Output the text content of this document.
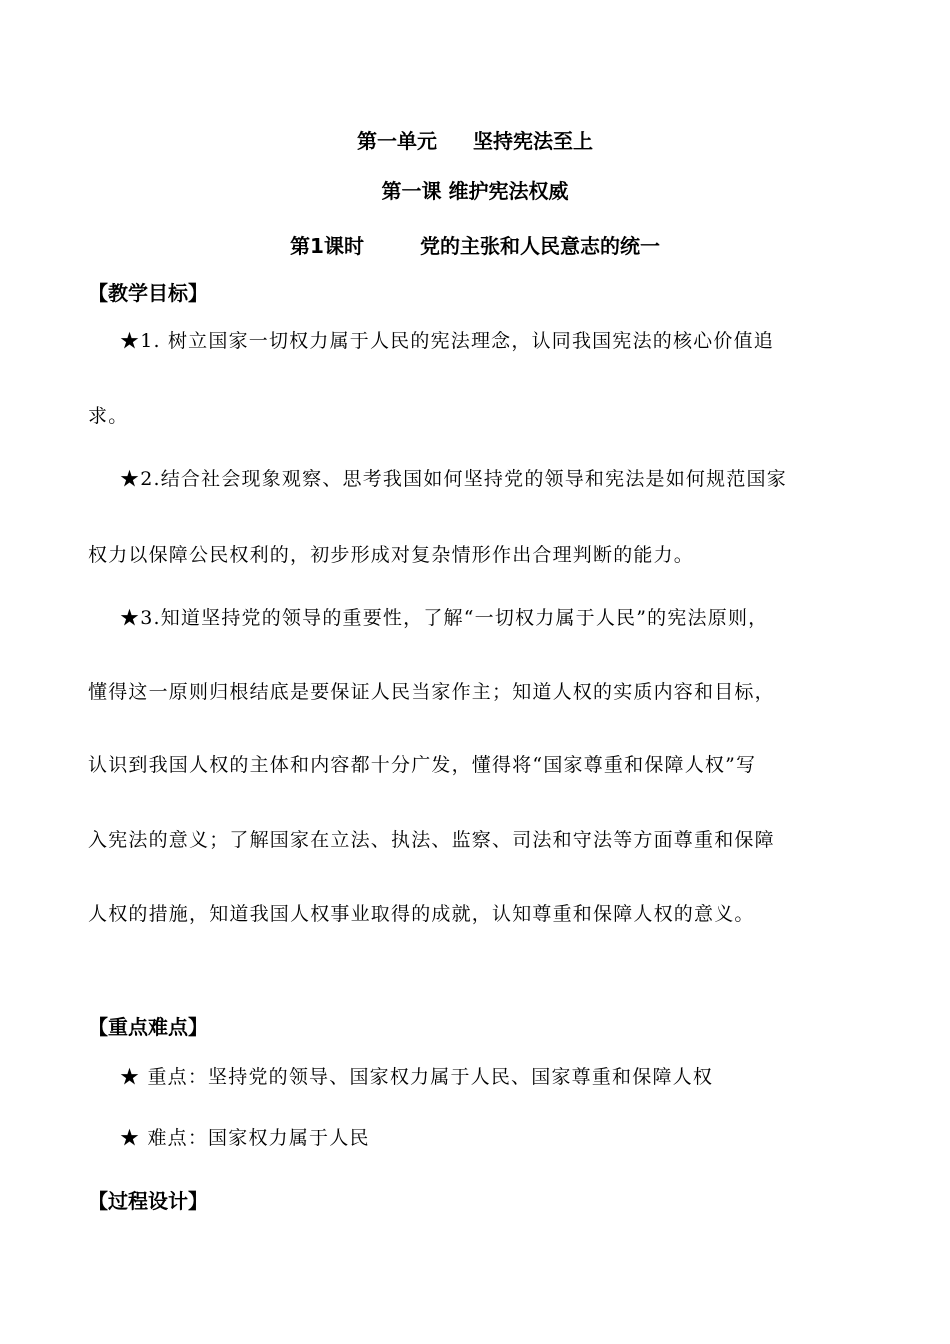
第一单元 坚持宪法至上
第一课 维护宪法权威
第1课时	党的主张和人民意志的统一
【教学目标】
★1. 树立国家一切权力属于人民的宪法理念，认同我国宪法的核心价值追
求。
★2.结合社会现象观察、思考我国如何坚持党的领导和宪法是如何规范国家
权力以保障公民权利的，初步形成对复杂情形作出合理判断的能力。
★3.知道坚持党的领导的重要性，了解“一切权力属于人民”的宪法原则，
懂得这一原则归根结底是要保证人民当家作主；知道人权的实质内容和目标，
认识到我国人权的主体和内容都十分广发，懂得将“国家尊重和保障人权”写
入宪法的意义；了解国家在立法、执法、监察、司法和守法等方面尊重和保障
人权的措施，知道我国人权事业取得的成就，认知尊重和保障人权的意义。
【重点难点】
★ 重点：坚持党的领导、国家权力属于人民、国家尊重和保障人权
★ 难点：国家权力属于人民
【过程设计】
